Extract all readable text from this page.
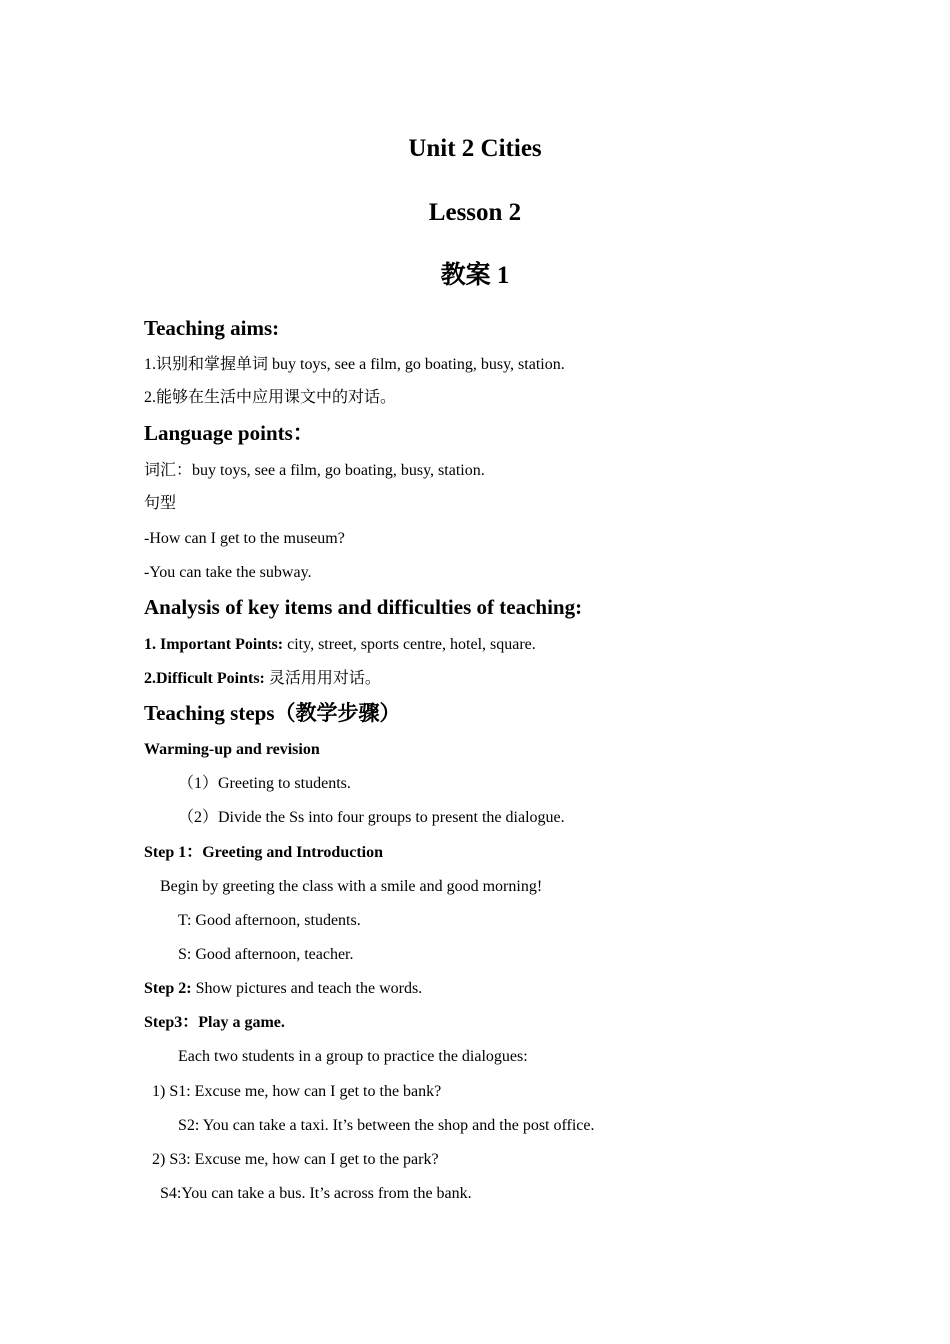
Unit 2 Cities
Lesson 2
教案 1
Teaching aims:

1.识别和掌握单词 buy toys, see a film, go boating, busy, station.

2.能够在生活中应用课文中的对话。

Language points：

词汇：buy toys, see a film, go boating, busy, station.

句型

-How can I get to the museum?

-You can take the subway.

Analysis of key items and difficulties of teaching:

1. Important Points: city, street, sports centre, hotel, square.

2.Difficult Points: 灵活用用对话。

Teaching steps（教学步骤）

Warming-up and revision

（1）Greeting to students.

（2）Divide the Ss into four groups to present the dialogue.

Step 1：Greeting and Introduction

Begin by greeting the class with a smile and good morning!

T: Good afternoon, students.

S: Good afternoon, teacher.

Step 2: Show pictures and teach the words.

Step3：Play a game.

Each two students in a group to practice the dialogues:

1) S1: Excuse me, how can I get to the bank?

S2: You can take a taxi. It’s between the shop and the post office.

2) S3: Excuse me, how can I get to the park?

S4:You can take a bus. It’s across from the bank.
